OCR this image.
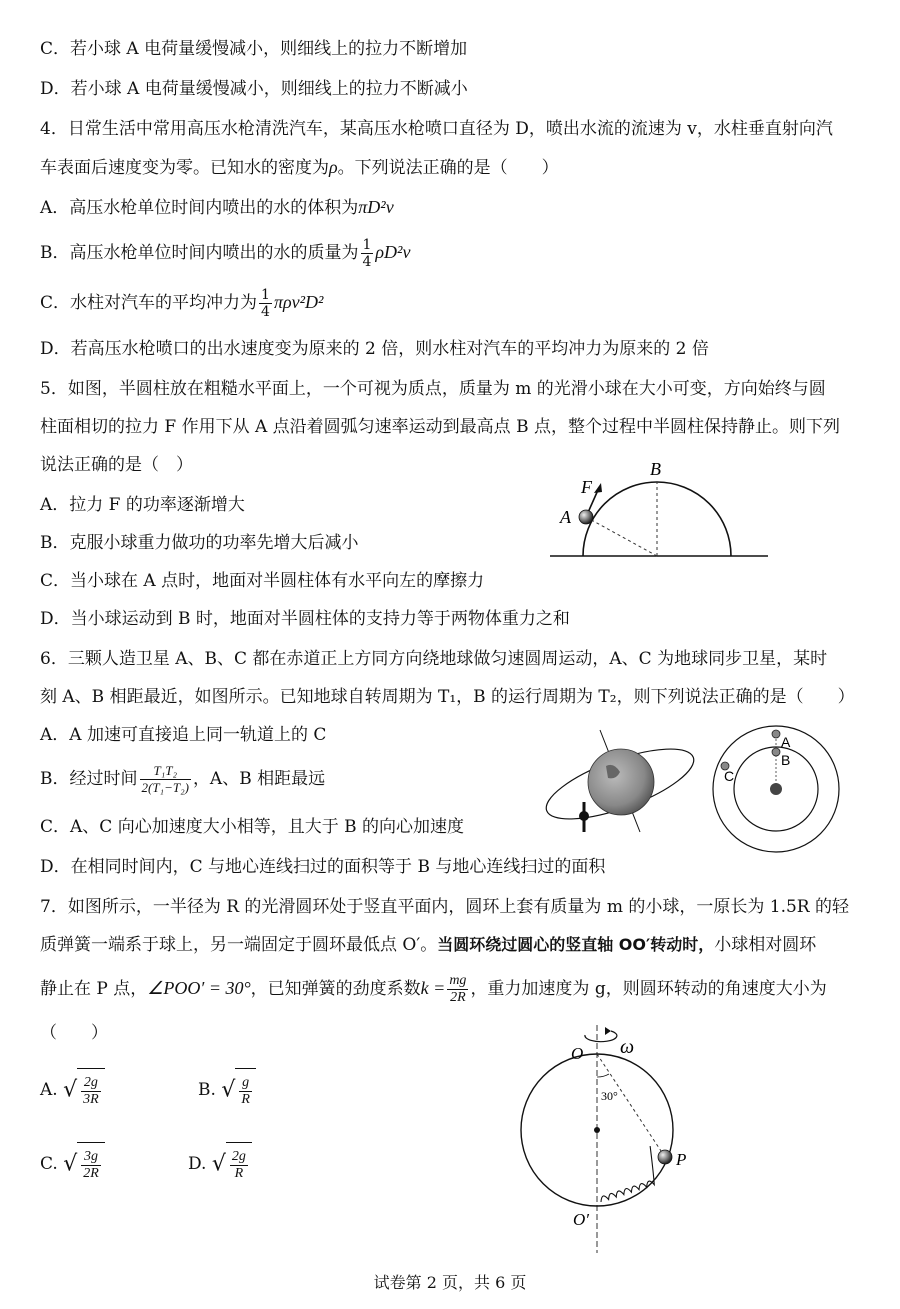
C．若小球 A 电荷量缓慢减小，则细线上的拉力不断增加
D．若小球 A 电荷量缓慢减小，则细线上的拉力不断减小
4．日常生活中常用高压水枪清洗汽车，某高压水枪喷口直径为 D，喷出水流的流速为 v，水柱垂直射向汽
车表面后速度变为零。已知水的密度为ρ。下列说法正确的是（　　）
A．高压水枪单位时间内喷出的水的体积为πD²v
B．高压水枪单位时间内喷出的水的质量为 $\frac{1}{4} \rho D^2v$
C．水柱对汽车的平均冲力为 $\frac{1}{4} \pi\rho v^2D^2$
D．若高压水枪喷口的出水速度变为原来的 2 倍，则水柱对汽车的平均冲力为原来的 2 倍
5．如图，半圆柱放在粗糙水平面上，一个可视为质点，质量为 m 的光滑小球在大小可变，方向始终与圆
柱面相切的拉力 F 作用下从 A 点沿着圆弧匀速率运动到最高点 B 点，整个过程中半圆柱保持静止。则下列
说法正确的是（　）
A．拉力 F 的功率逐渐增大
B．克服小球重力做功的功率先增大后减小
C．当小球在 A 点时，地面对半圆柱体有水平向左的摩擦力
D．当小球运动到 B 时，地面对半圆柱体的支持力等于两物体重力之和
F
A
B
6．三颗人造卫星 A、B、C 都在赤道正上方同方向绕地球做匀速圆周运动，A、C 为地球同步卫星，某时
刻 A、B 相距最近，如图所示。已知地球自转周期为 T₁，B 的运行周期为 T₂，则下列说法正确的是（　　）
A．A 加速可直接追上同一轨道上的 C
B．经过时间 $\frac{\text{T₁T₂}}{\text{2(T₁−T₂)}}$ ，A、B 相距最远
C．A、C 向心加速度大小相等，且大于 B 的向心加速度
D．在相同时间内，C 与地心连线扫过的面积等于 B 与地心连线扫过的面积
A
B
C
7．如图所示，一半径为 R 的光滑圆环处于竖直平面内，圆环上套有质量为 m 的小球，一原长为 1.5R 的轻
质弹簧一端系于球上，另一端固定于圆环最低点 O′。当圆环绕过圆心的竖直轴 OO′转动时，小球相对圆环
静止在 P 点，∠POO′ = 30°，已知弹簧的劲度系数$k = \frac{mg}{2R}$ ，重力加速度为 g，则圆环转动的角速度大小为
（　　）
A. √ $\frac{2g}{3R}$	B. √ $\frac{g}{R}$
C. √ $\frac{3g}{2R}$	D. √ $\frac{2g}{R}$
O ω
30°
P
O′
试卷第 2 页，共 6 页
